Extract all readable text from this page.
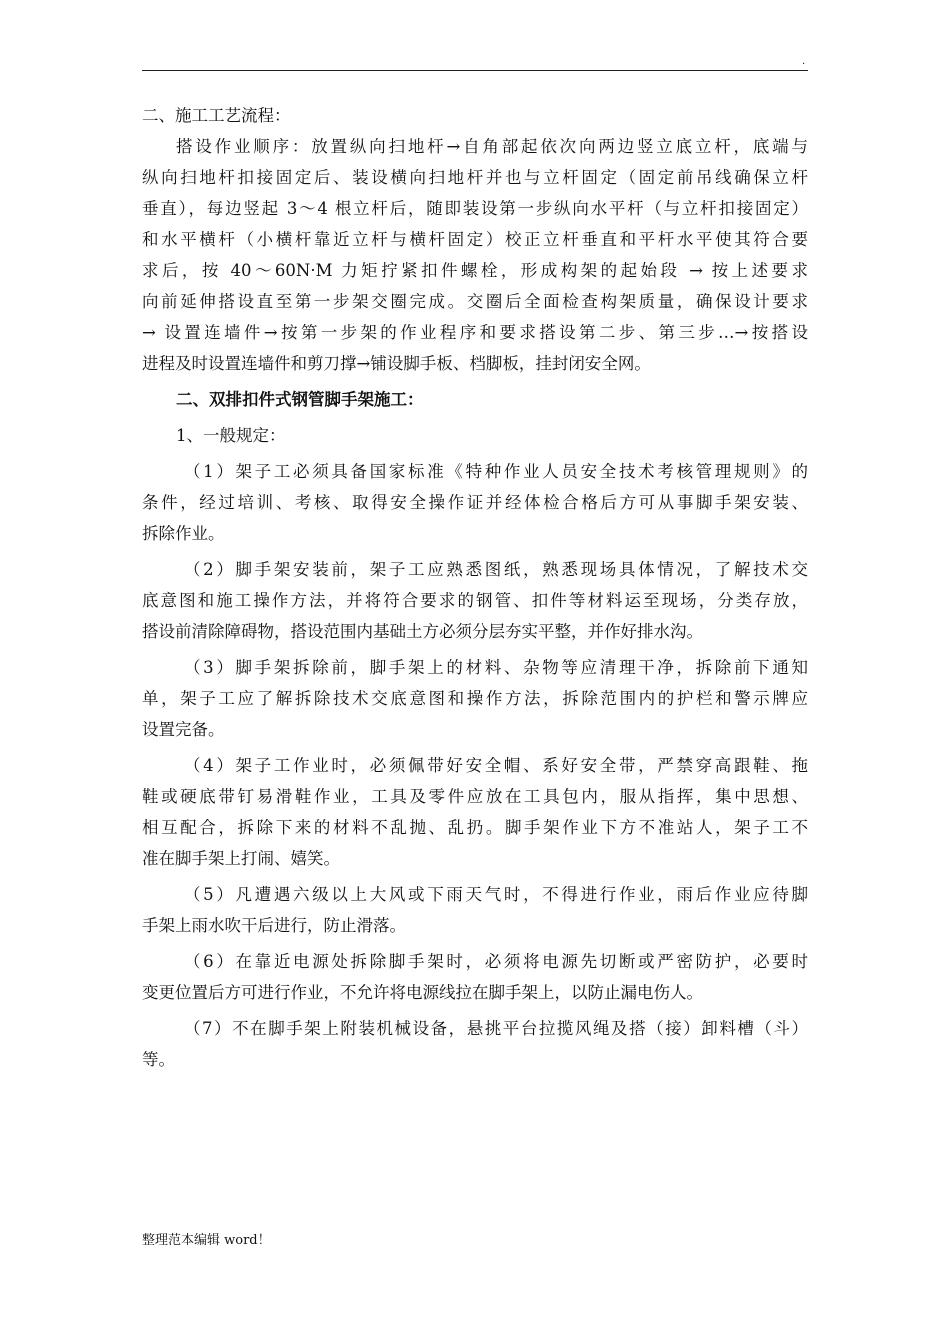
.
二、施工工艺流程：
搭设作业顺序：放置纵向扫地杆→自角部起依次向两边竖立底立杆，底端与
纵向扫地杆扣接固定后、装设横向扫地杆并也与立杆固定（固定前吊线确保立杆
垂直），每边竖起 3～4 根立杆后，随即装设第一步纵向水平杆（与立杆扣接固定）
和水平横杆（小横杆靠近立杆与横杆固定）校正立杆垂直和平杆水平使其符合要
求后，按 40～60N·M 力矩拧紧扣件螺栓，形成构架的起始段 → 按上述要求
向前延伸搭设直至第一步架交圈完成。交圈后全面检查构架质量，确保设计要求
→ 设置连墙件→按第一步架的作业程序和要求搭设第二步、第三步…→按搭设
进程及时设置连墙件和剪刀撑→铺设脚手板、档脚板，挂封闭安全网。
二、双排扣件式钢管脚手架施工：
1、一般规定：
（1）架子工必须具备国家标准《特种作业人员安全技术考核管理规则》的
条件，经过培训、考核、取得安全操作证并经体检合格后方可从事脚手架安装、
拆除作业。
（2）脚手架安装前，架子工应熟悉图纸，熟悉现场具体情况，了解技术交
底意图和施工操作方法，并将符合要求的钢管、扣件等材料运至现场，分类存放，
搭设前清除障碍物，搭设范围内基础土方必须分层夯实平整，并作好排水沟。
（3）脚手架拆除前，脚手架上的材料、杂物等应清理干净，拆除前下通知
单，架子工应了解拆除技术交底意图和操作方法，拆除范围内的护栏和警示牌应
设置完备。
（4）架子工作业时，必须佩带好安全帽、系好安全带，严禁穿高跟鞋、拖
鞋或硬底带钉易滑鞋作业，工具及零件应放在工具包内，服从指挥，集中思想、
相互配合，拆除下来的材料不乱抛、乱扔。脚手架作业下方不准站人，架子工不
准在脚手架上打闹、嬉笑。
（5）凡遭遇六级以上大风或下雨天气时，不得进行作业，雨后作业应待脚
手架上雨水吹干后进行，防止滑落。
（6）在靠近电源处拆除脚手架时，必须将电源先切断或严密防护，必要时
变更位置后方可进行作业，不允许将电源线拉在脚手架上，以防止漏电伤人。
（7）不在脚手架上附装机械设备，悬挑平台拉揽风绳及搭（接）卸料槽（斗）
等。
整理范本编辑 word！
